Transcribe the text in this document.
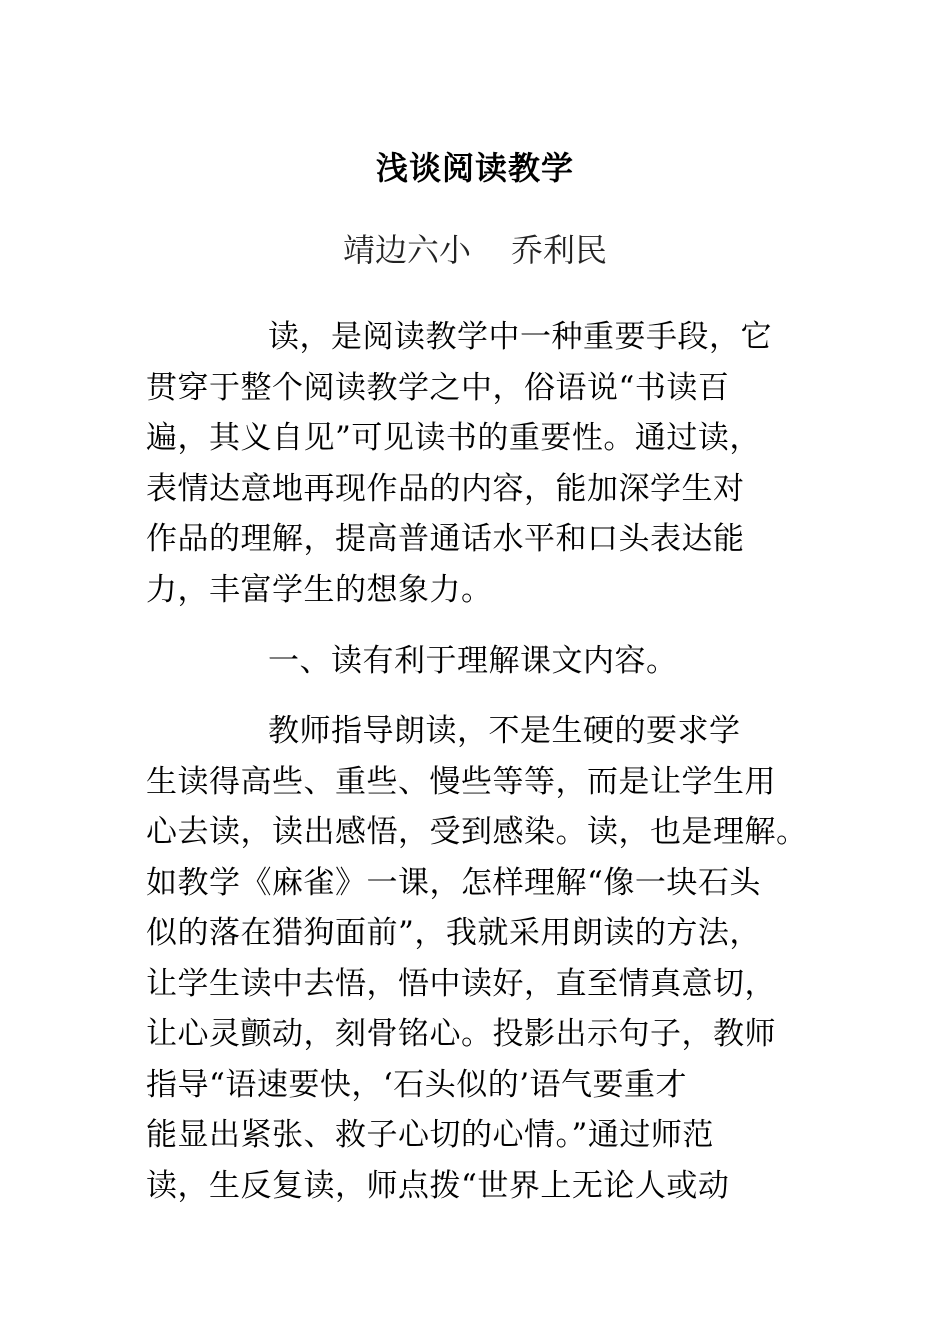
浅谈阅读教学
靖边六小 乔利民
读，是阅读教学中一种重要手段，它
贯穿于整个阅读教学之中，俗语说“书读百
遍，其义自见”可见读书的重要性。通过读，
表情达意地再现作品的内容，能加深学生对
作品的理解，提高普通话水平和口头表达能
力，丰富学生的想象力。
一、读有利于理解课文内容。
教师指导朗读，不是生硬的要求学
生读得高些、重些、慢些等等，而是让学生用
心去读，读出感悟，受到感染。读，也是理解。
如教学《麻雀》一课，怎样理解“像一块石头
似的落在猎狗面前”，我就采用朗读的方法，
让学生读中去悟，悟中读好，直至情真意切，
让心灵颤动，刻骨铭心。投影出示句子，教师
指导“语速要快，‘石头似的’语气要重才
能显出紧张、救子心切的心情。”通过师范
读，生反复读，师点拨“世界上无论人或动
